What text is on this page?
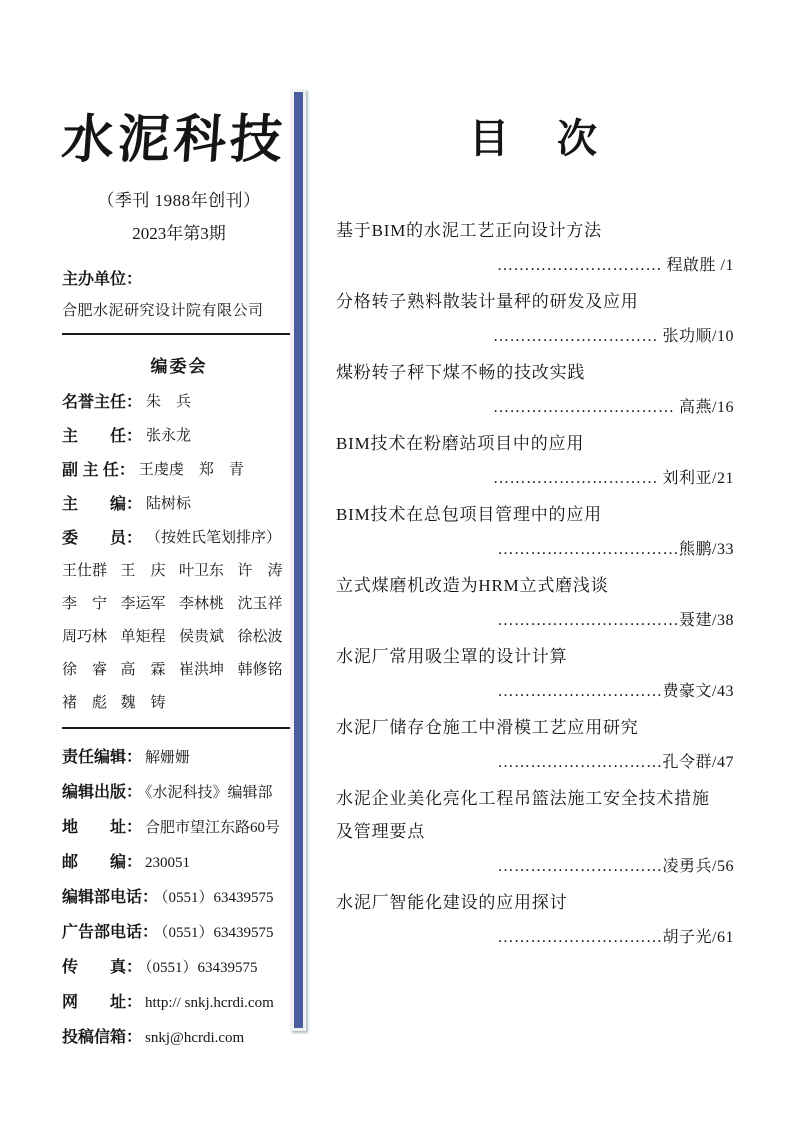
水泥科技
（季刊 1988年创刊）
2023年第3期
主办单位：
合肥水泥研究设计院有限公司
编委会
名誉主任： 朱　兵
主　　任： 张永龙
副 主 任： 王虔虔　郑　青
主　　编： 陆树标
委　　员： （按姓氏笔划排序）
王仕群 王　庆 叶卫东 许　涛
李　宁 李运军 李林桃 沈玉祥
周巧林 单矩程 侯贵斌 徐松波
徐　睿 高　霖 崔洪坤 韩修铭
褚　彪 魏　铸
责任编辑： 解姗姗
编辑出版： 《水泥科技》编辑部
地　　址： 合肥市望江东路60号
邮　　编： 230051
编辑部电话： （0551）63439575
广告部电话： （0551）63439575
传　　真： （0551）63439575
网　　址： http:// snkj.hcrdi.com
投稿信箱： snkj@hcrdi.com
目　次
基于BIM的水泥工艺正向设计方法
………………………… 程啟胜 /1
分格转子熟料散装计量秤的研发及应用
………………………… 张功顺/10
煤粉转子秤下煤不畅的技改实践
…………………………… 高燕/16
BIM技术在粉磨站项目中的应用
………………………… 刘利亚/21
BIM技术在总包项目管理中的应用
……………………………熊鹏/33
立式煤磨机改造为HRM立式磨浅谈
……………………………聂建/38
水泥厂常用吸尘罩的设计计算
…………………………费豪文/43
水泥厂储存仓施工中滑模工艺应用研究
…………………………孔令群/47
水泥企业美化亮化工程吊篮法施工安全技术措施
及管理要点
…………………………凌勇兵/56
水泥厂智能化建设的应用探讨
…………………………胡子光/61
